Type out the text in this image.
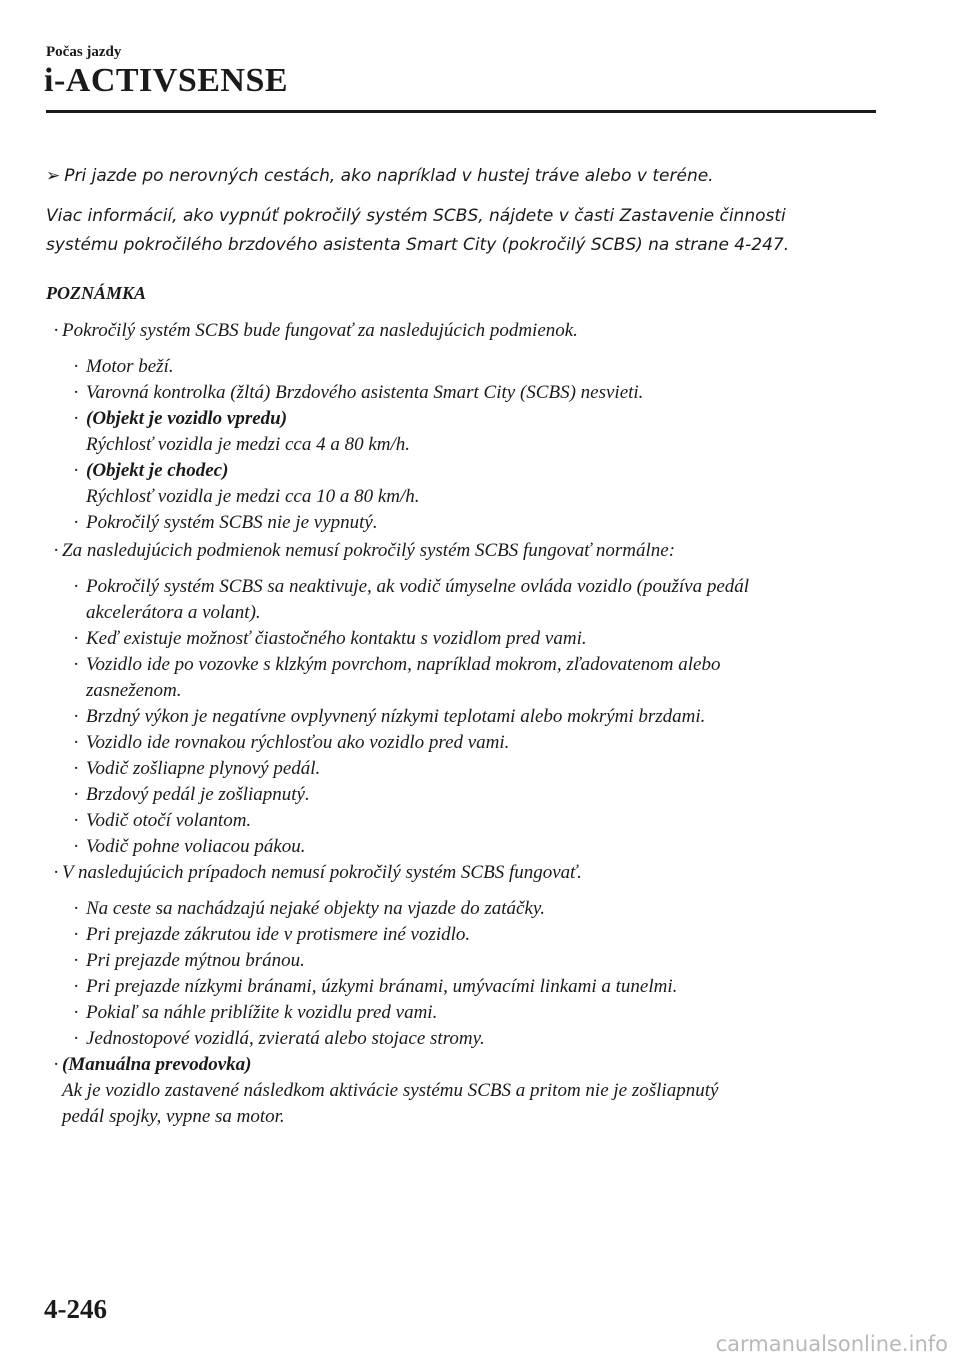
Počas jazdy
i-ACTIVSENSE
➢ Pri jazde po nerovných cestách, ako napríklad v hustej tráve alebo v teréne.
Viac informácií, ako vypnúť pokročilý systém SCBS, nájdete v časti Zastavenie činnosti
systému pokročilého brzdového asistenta Smart City (pokročilý SCBS) na strane 4-247.
POZNÁMKA
· Pokročilý systém SCBS bude fungovať za nasledujúcich podmienok.
· Motor beží.
· Varovná kontrolka (žltá) Brzdového asistenta Smart City (SCBS) nesvieti.
· (Objekt je vozidlo vpredu)
Rýchlosť vozidla je medzi cca 4 a 80 km/h.
· (Objekt je chodec)
Rýchlosť vozidla je medzi cca 10 a 80 km/h.
· Pokročilý systém SCBS nie je vypnutý.
· Za nasledujúcich podmienok nemusí pokročilý systém SCBS fungovať normálne:
· Pokročilý systém SCBS sa neaktivuje, ak vodič úmyselne ovláda vozidlo (používa pedál
akcelerátora a volant).
· Keď existuje možnosť čiastočného kontaktu s vozidlom pred vami.
· Vozidlo ide po vozovke s klzkým povrchom, napríklad mokrom, zľadovatenom alebo
zasneženom.
· Brzdný výkon je negatívne ovplyvnený nízkymi teplotami alebo mokrými brzdami.
· Vozidlo ide rovnakou rýchlosťou ako vozidlo pred vami.
· Vodič zošliapne plynový pedál.
· Brzdový pedál je zošliapnutý.
· Vodič otočí volantom.
· Vodič pohne voliacou pákou.
· V nasledujúcich prípadoch nemusí pokročilý systém SCBS fungovať.
· Na ceste sa nachádzajú nejaké objekty na vjazde do zatáčky.
· Pri prejazde zákrutou ide v protismere iné vozidlo.
· Pri prejazde mýtnou bránou.
· Pri prejazde nízkymi bránami, úzkymi bránami, umývacími linkami a tunelmi.
· Pokiaľ sa náhle priblížite k vozidlu pred vami.
· Jednostopové vozidlá, zvieratá alebo stojace stromy.
· (Manuálna prevodovka)
Ak je vozidlo zastavené následkom aktivácie systému SCBS a pritom nie je zošliapnutý
pedál spojky, vypne sa motor.
4-246
carmanualsonline.info
